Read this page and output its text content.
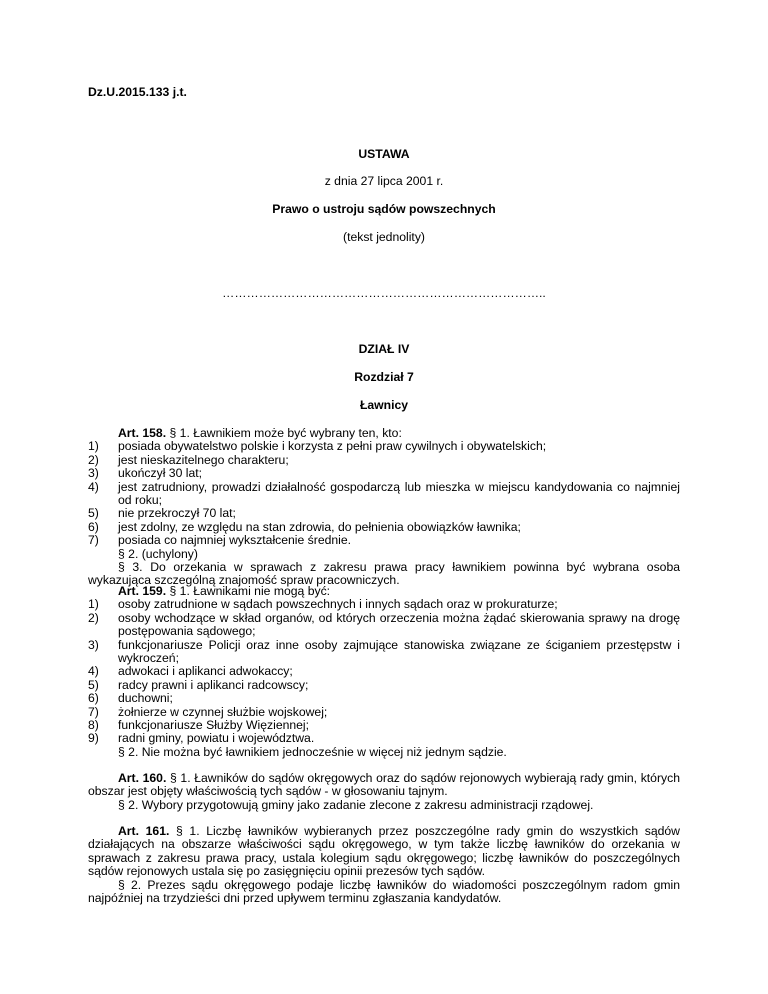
Dz.U.2015.133 j.t.
USTAWA
z dnia 27 lipca 2001 r.
Prawo o ustroju sądów powszechnych
(tekst jednolity)
……………………………………………………………………..
DZIAŁ IV
Rozdział 7
Ławnicy

Art. 158. § 1. Ławnikiem może być wybrany ten, kto:

1)	posiada obywatelstwo polskie i korzysta z pełni praw cywilnych i obywatelskich;
2)	jest nieskazitelnego charakteru;
3)	ukończył 30 lat;
4)	jest zatrudniony, prowadzi działalność gospodarczą lub mieszka w miejscu kandydowania co najmniej od roku;
5)	nie przekroczył 70 lat;
6)	jest zdolny, ze względu na stan zdrowia, do pełnienia obowiązków ławnika;
7)	posiada co najmniej wykształcenie średnie.

§ 2. (uchylony)

§ 3. Do orzekania w sprawach z zakresu prawa pracy ławnikiem powinna być wybrana osoba wykazująca szczególną znajomość spraw pracowniczych.

Art. 159. § 1. Ławnikami nie mogą być:

1)	osoby zatrudnione w sądach powszechnych i innych sądach oraz w prokuraturze;
2)	osoby wchodzące w skład organów, od których orzeczenia można żądać skierowania sprawy na drogę postępowania sądowego;
3)	funkcjonariusze Policji oraz inne osoby zajmujące stanowiska związane ze ściganiem przestępstw i wykroczeń;
4)	adwokaci i aplikanci adwokaccy;
5)	radcy prawni i aplikanci radcowscy;
6)	duchowni;
7)	żołnierze w czynnej służbie wojskowej;
8)	funkcjonariusze Służby Więziennej;
9)	radni gminy, powiatu i województwa.

§ 2. Nie można być ławnikiem jednocześnie w więcej niż jednym sądzie.

Art. 160. § 1. Ławników do sądów okręgowych oraz do sądów rejonowych wybierają rady gmin, których obszar jest objęty właściwością tych sądów - w głosowaniu tajnym.

§ 2. Wybory przygotowują gminy jako zadanie zlecone z zakresu administracji rządowej.

Art. 161. § 1. Liczbę ławników wybieranych przez poszczególne rady gmin do wszystkich sądów działających na obszarze właściwości sądu okręgowego, w tym także liczbę ławników do orzekania w sprawach z zakresu prawa pracy, ustala kolegium sądu okręgowego; liczbę ławników do poszczególnych sądów rejonowych ustala się po zasięgnięciu opinii prezesów tych sądów.

§ 2. Prezes sądu okręgowego podaje liczbę ławników do wiadomości poszczególnym radom gmin najpóźniej na trzydzieści dni przed upływem terminu zgłaszania kandydatów.
